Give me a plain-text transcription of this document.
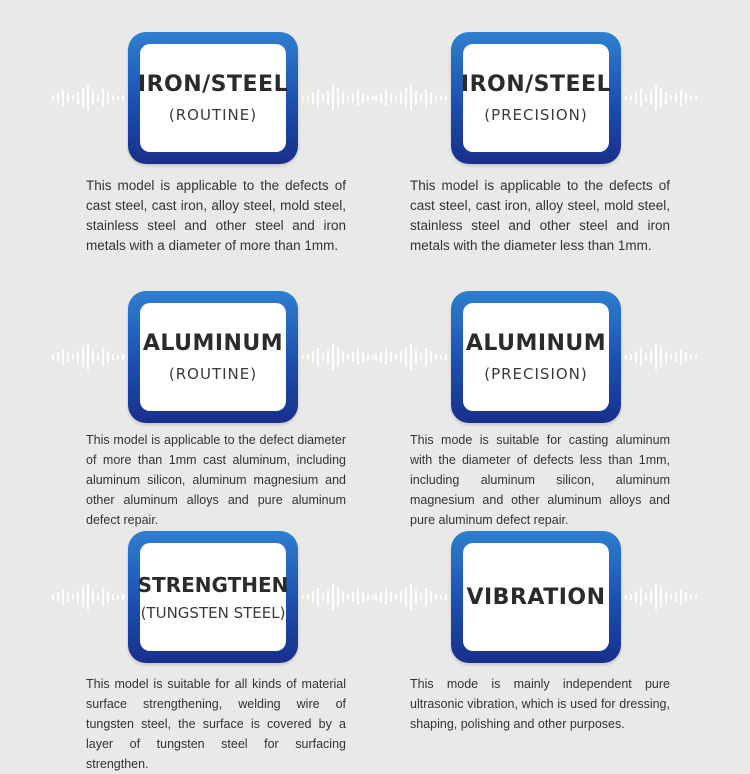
IRON/STEEL
(ROUTINE)
This model is applicable to the defects of cast steel, cast iron, alloy steel, mold steel, stainless steel and other steel and iron metals with a diameter of more than 1mm.
IRON/STEEL
(PRECISION)
This model is applicable to the defects of cast steel, cast iron, alloy steel, mold steel, stainless steel and other steel and iron metals with the diameter less than 1mm.
ALUMINUM
(ROUTINE)
This model is applicable to the defect diameter of more than 1mm cast aluminum, including aluminum silicon, aluminum magnesium and other aluminum alloys and pure aluminum defect repair.
ALUMINUM
(PRECISION)
This mode is suitable for casting aluminum with the diameter of defects less than 1mm, including aluminum silicon, aluminum magnesium and other aluminum alloys and pure aluminum defect repair.
STRENGTHEN
(TUNGSTEN STEEL)
This model is suitable for all kinds of material surface strengthening, welding wire of tungsten steel, the surface is covered by a layer of tungsten steel for surfacing strengthen.
VIBRATION
This mode is mainly independent pure ultrasonic vibration, which is used for dressing, shaping, polishing and other purposes.
